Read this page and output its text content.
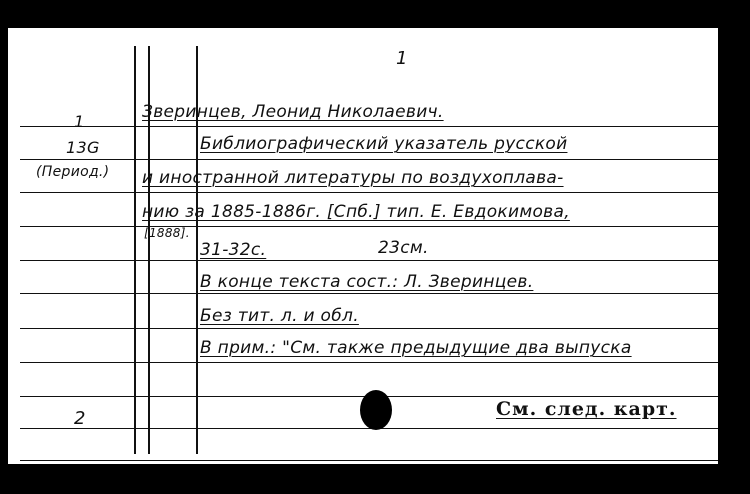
1
1
13G
(Период.)
2
Зверинцев, Леонид Николаевич.
Библиографический указатель русской
и иностранной литературы по воздухоплава-
нию за 1885-1886г. [Спб.] тип. Е. Евдокимова,
[1888].
31-32с.	23см.
В конце текста сост.: Л. Зверинцев.
Без тит. л. и обл.
В прим.: "См. также предыдущие два выпуска
См. след. карт.
